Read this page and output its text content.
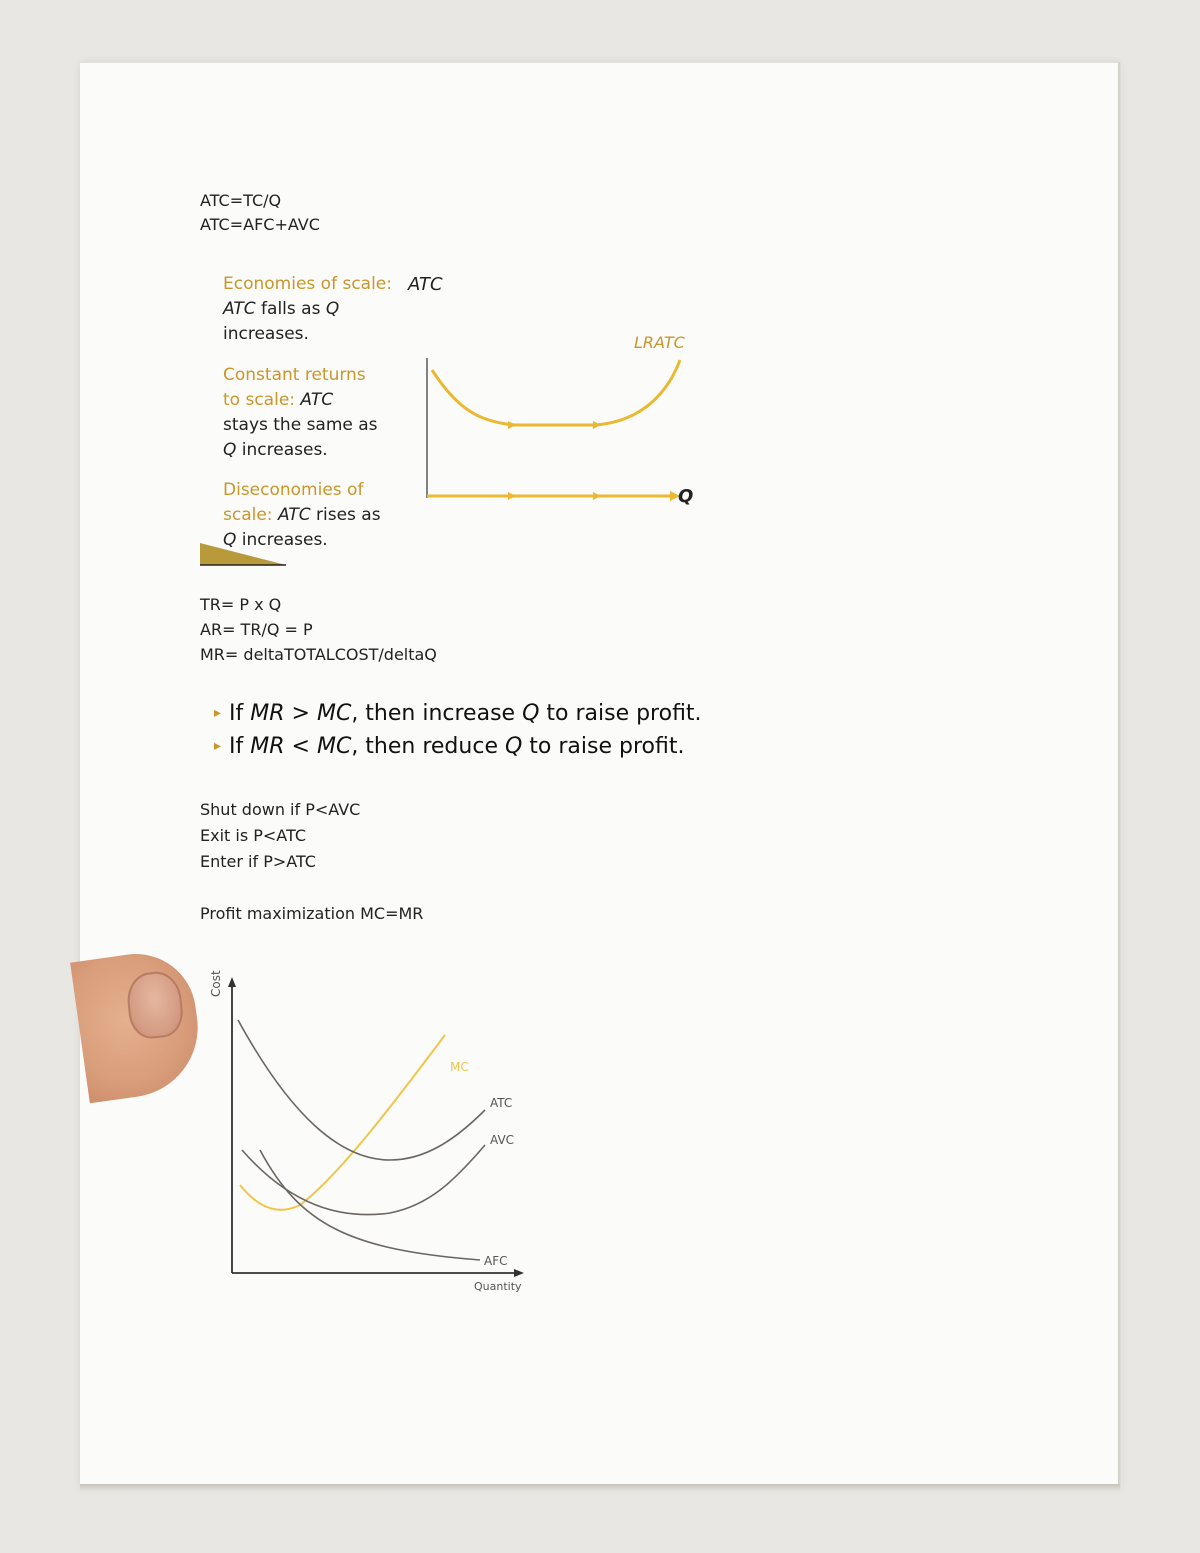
ATC=TC/Q
ATC=AFC+AVC
Economies of scale: ATC falls as Q increases.
Constant returns to scale: ATC stays the same as Q increases.
Diseconomies of scale: ATC rises as Q increases.
ATC
Q
LRATC
TR= P x Q
AR= TR/Q = P
MR= deltaTOTALCOST/deltaQ
▸ If MR > MC, then increase Q to raise profit.
▸ If MR < MC, then reduce Q to raise profit.
Shut down if P<AVC
Exit is P<ATC
Enter if P>ATC
Profit maximization MC=MR
Cost
Quantity
MC
ATC
AVC
AFC
